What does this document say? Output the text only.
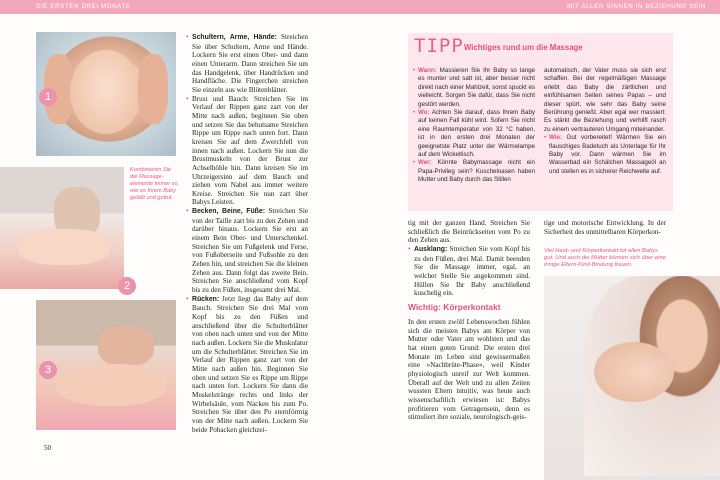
DIE ERSTEN DREI MONATE
1
2
3
Kombinieren Sie die Massage-elemente immer so, wie es Ihrem Baby gefällt und guttut.
• Schultern, Arme, Hände: Streichen Sie über Schultern, Arme und Hände. Lockern Sie erst einen Ober- und dann einen Unterarm. Dann streichen Sie um das Handgelenk, über Handrücken und Handfläche. Die Fingerchen streichen Sie einzeln aus wie Blütenblätter.
• Brust und Bauch: Streichen Sie im Verlauf der Rippen ganz zart von der Mitte nach außen, beginnen Sie oben und setzen Sie das behutsame Streichen Rippe um Rippe nach unten fort. Dann kreisen Sie auf dem Zwerchfell von innen nach außen. Lockern Sie nun die Brustmuskeln von der Brust zur Achselhöhle hin. Dann kreisen Sie im Uhrzeigersinn auf dem Bauch und ziehen vom Nabel aus immer weitere Kreise. Streichen Sie nun zart über Babys Leisten.
• Becken, Beine, Füße: Streichen Sie von der Taille zart bis zu den Zehen und darüber hinaus. Lockern Sie erst an einem Bein Ober- und Unterschenkel. Streichen Sie um Fußgelenk und Ferse, von Fußoberseite und Fußsohle zu den Zehen hin, und streichen Sie die kleinen Zehen aus. Dann folgt das zweite Bein. Streichen Sie anschließend vom Kopf bis zu den Füßen, insgesamt drei Mal.
• Rücken: Jetzt liegt das Baby auf dem Bauch. Streichen Sie drei Mal vom Kopf bis zu den Füßen und anschließend über die Schulterblätter von oben nach unten und von der Mitte nach außen. Lockern Sie die Muskulatur um die Schulterblätter. Streichen Sie im Verlauf der Rippen ganz zart von der Mitte nach außen hin. Beginnen Sie oben und setzen Sie es Rippe um Rippe nach unten fort. Lockern Sie dann die Muskelstränge rechts und links der Wirbelsäule, vom Nacken bis zum Po. Streichen Sie über den Po sternförmig von der Mitte nach außen. Lockern Sie beide Pobacken gleichzei-
50
MIT ALLEN SINNEN IN BEZIEHUNG SEIN
TIPP Wichtiges rund um die Massage
• Wann: Massieren Sie Ihr Baby so lange es munter und satt ist, aber besser nicht direkt nach einer Mahlzeit, sonst spuckt es vielleicht. Sorgen Sie dafür, dass Sie nicht gestört werden.
• Wo: Achten Sie darauf, dass Ihrem Baby auf keinen Fall kühl wird. Sofern Sie nicht eine Raumtemperatur von 32 °C haben, ist in den ersten drei Monaten der geeignetste Platz unter der Wärmelampe auf dem Wickeltisch.
• Wer: Könnte Babymassage nicht ein Papa-Privileg sein? Kuscheloasen haben Mutter und Baby durch das Stillen
automatisch, der Vater muss sie sich erst schaffen. Bei der regelmäßigen Massage erlebt das Baby die zärtlichen und einfühlsamen Seiten seines Papas – und dieser spürt, wie sehr das Baby seine Berührung genießt. Aber egal wer massiert: Es stärkt die Beziehung und verhilft rasch zu einem vertrauteren Umgang miteinander.
• Wie: Gut vorbereitet! Wärmen Sie ein flauschiges Badetuch als Unterlage für Ihr Baby vor. Dann wärmen Sie im Wasserbad ein Schälchen Massageöl an und stellen es in sicherer Reichweite auf.

tig mit der ganzen Hand. Streichen Sie schließlich die Beinrückseiten vom Po zu den Zehen aus.

• Ausklang: Streichen Sie vom Kopf bis zu den Füßen, drei Mal. Damit beenden Sie die Massage immer, egal, an welcher Stelle Sie angekommen sind. Hüllen Sie Ihr Baby anschließend kuschelig ein.

tige und motorische Entwicklung. In der Sicherheit des unmittelbaren Körperkon-

Viel Haut- und Körperkontakt tut allen Babys gut. Und auch die Mütter können sich über eine innige Eltern-Kind-Bindung freuen.
Wichtig: Körperkontakt

In den ersten zwölf Lebenswochen fühlen sich die meisten Babys am Körper von Mutter oder Vater am wohlsten und das hat einen guten Grund: Die ersten drei Monate im Leben sind gewissermaßen eine »Nachbrüte-Phase«, weil Kinder physiologisch unreif zur Welt kommen. Überall auf der Welt und zu allen Zeiten wussten Eltern intuitiv, was heute auch wissenschaftlich erwiesen ist: Babys profitieren vom Getragensein, denn es stimuliert ihre soziale, neurologisch-geis-
